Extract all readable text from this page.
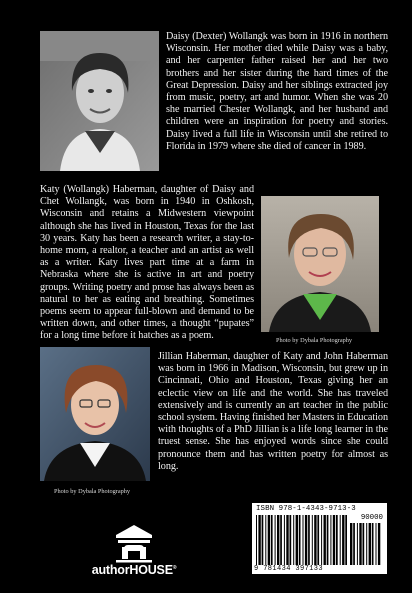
Daisy (Dexter) Wollangk was born in 1916 in northern Wisconsin. Her mother died while Daisy was a baby, and her carpenter father raised her and her two brothers and her sister during the hard times of the Great Depression. Daisy and her siblings extracted joy from music, poetry, art and humor. When she was 20 she married Chester Wollangk, and her husband and children were an inspiration for poetry and stories. Daisy lived a full life in Wisconsin until she retired to Florida in 1979 where she died of cancer in 1989.

Katy (Wollangk) Haberman, daughter of Daisy and Chet Wollangk, was born in 1940 in Oshkosh, Wisconsin and retains a Midwestern viewpoint although she has lived in Houston, Texas for the last 30 years. Katy has been a research writer, a stay-to-home mom, a realtor, a teacher and an artist as well as a writer. Katy lives part time at a farm in Nebraska where she is active in art and poetry groups. Writing poetry and prose has always been as natural to her as eating and breathing. Sometimes poems seem to appear full-blown and demand to be written down, and other times, a thought “pupates” for a long time before it hatches as a poem.	Photo by Dybala Photography
Photo by Dybala Photography

Jillian Haberman, daughter of Katy and John Haberman was born in 1966 in Madison, Wisconsin, but grew up in Cincinnati, Ohio and Houston, Texas giving her an eclectic view on life and the world. She has traveled extensively and is currently an art teacher in the public school system. Having finished her Masters in Education with thoughts of a PhD Jillian is a life long learner in the truest sense. She has enjoyed words since she could pronounce them and has written poetry for almost as long.

authorHOUSE®
ISBN 978-1-4343-9713-3
90000
9 781434 397133
